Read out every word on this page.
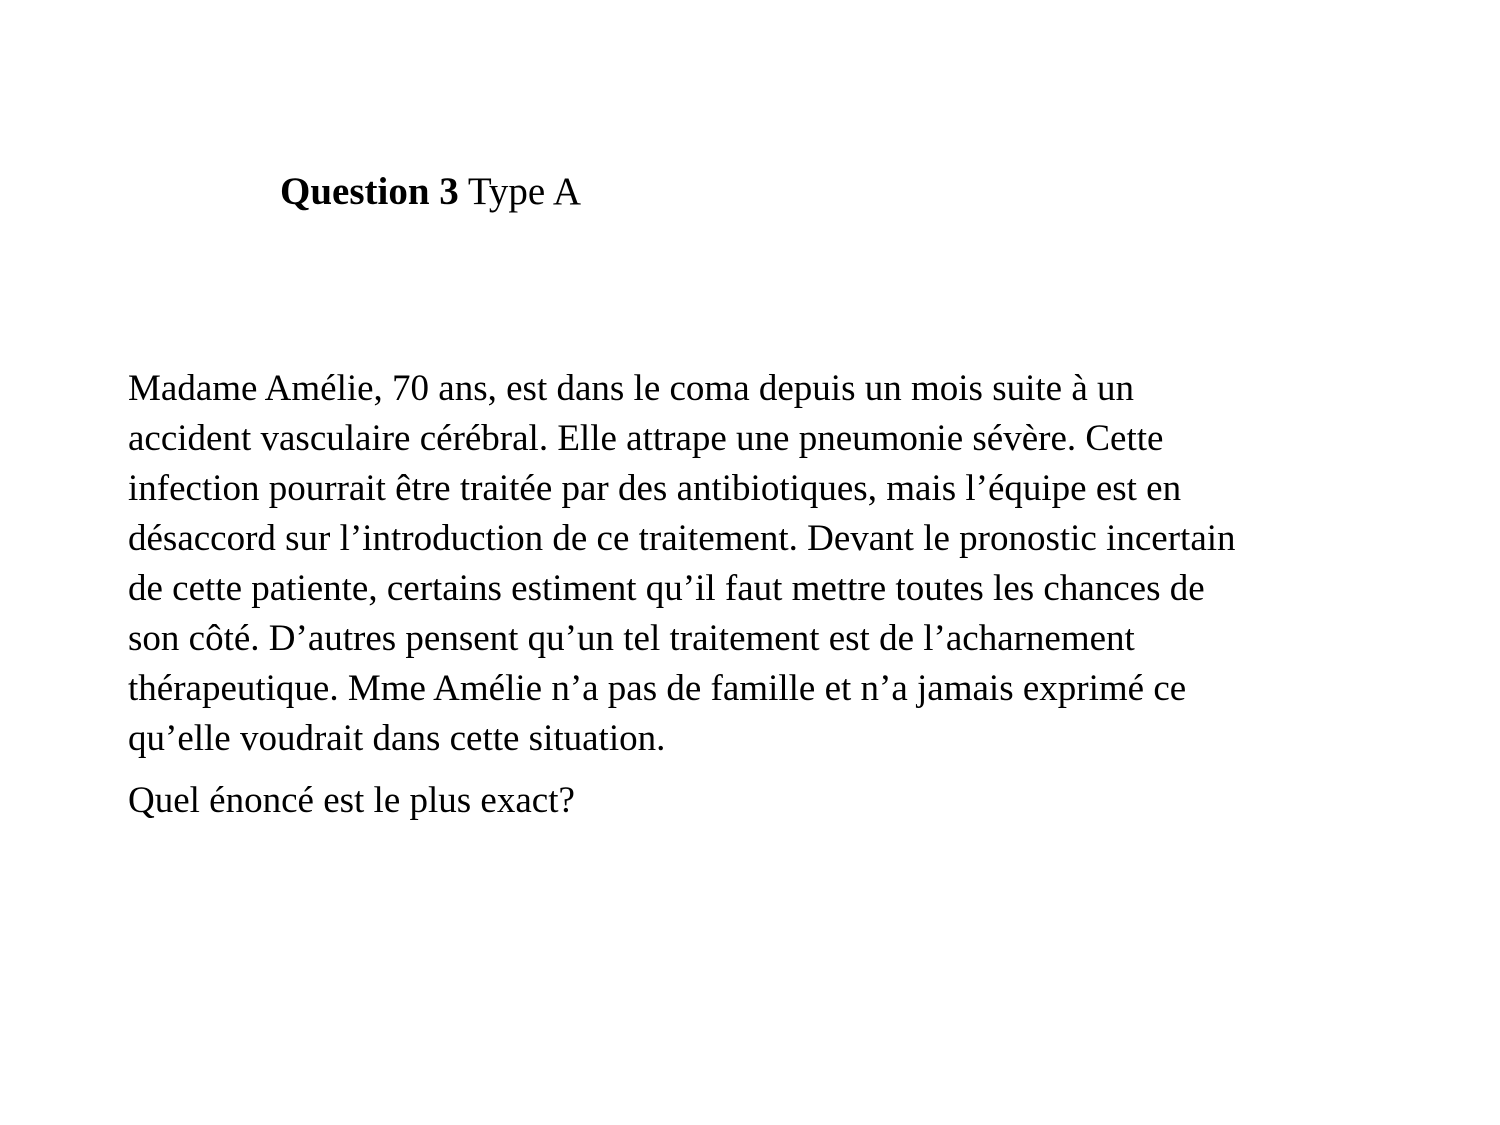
Question 3 Type A
Madame Amélie, 70 ans, est dans le coma depuis un mois suite à un
accident vasculaire cérébral. Elle attrape une pneumonie sévère. Cette
infection pourrait être traitée par des antibiotiques, mais l’équipe est en
désaccord sur l’introduction de ce traitement. Devant le pronostic incertain
de cette patiente, certains estiment qu’il faut mettre toutes les chances de
son côté. D’autres pensent qu’un tel traitement est de l’acharnement
thérapeutique. Mme Amélie n’a pas de famille et n’a jamais exprimé ce
qu’elle voudrait dans cette situation.
Quel énoncé est le plus exact?
